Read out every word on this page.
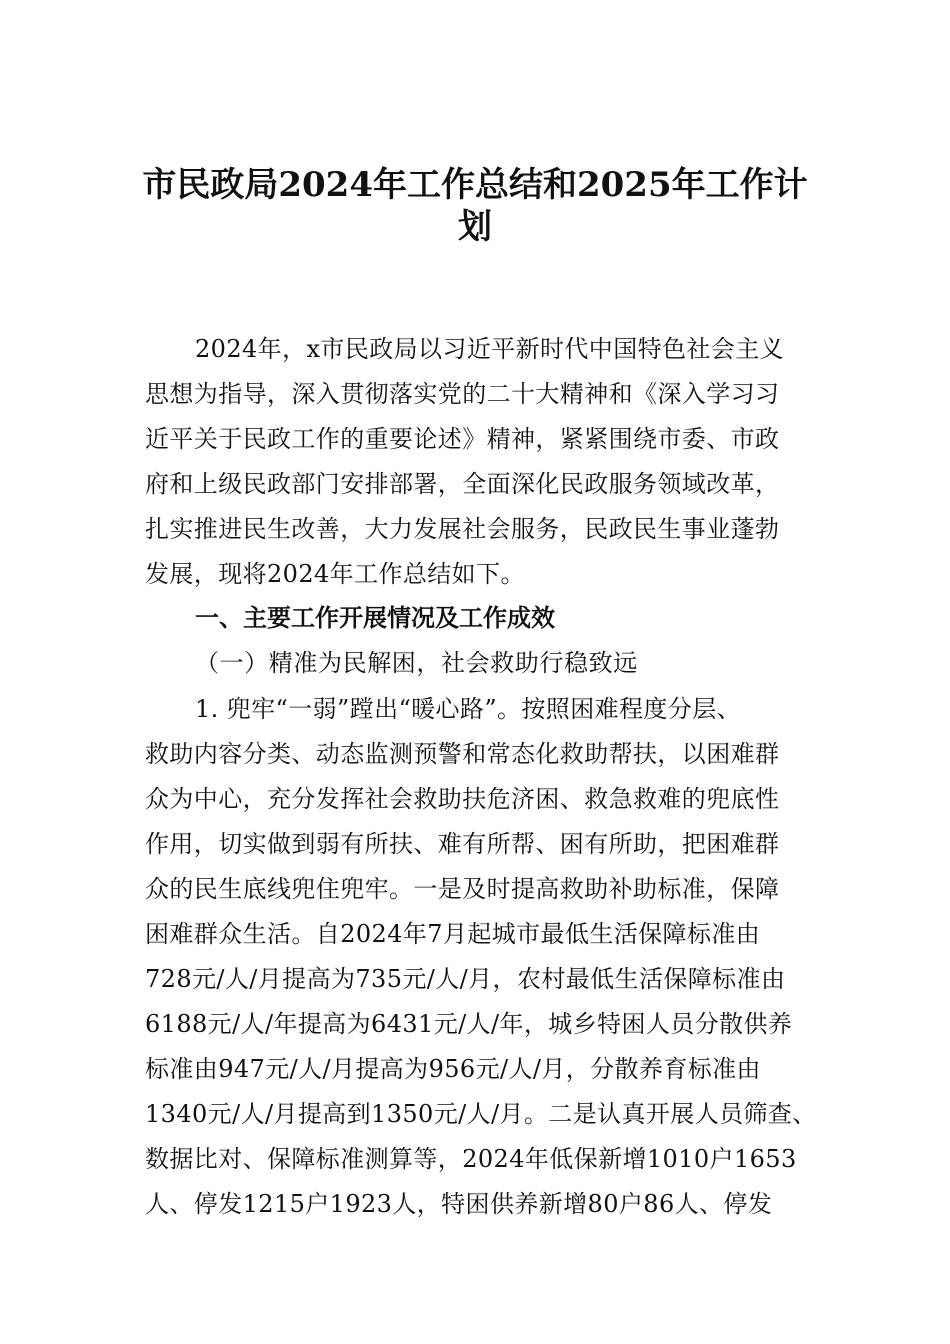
市民政局2024年工作总结和2025年工作计
划
2024年，x市民政局以习近平新时代中国特色社会主义
思想为指导，深入贯彻落实党的二十大精神和《深入学习习
近平关于民政工作的重要论述》精神，紧紧围绕市委、市政
府和上级民政部门安排部署，全面深化民政服务领域改革，
扎实推进民生改善，大力发展社会服务，民政民生事业蓬勃
发展，现将2024年工作总结如下。
一、主要工作开展情况及工作成效
（一）精准为民解困，社会救助行稳致远
1. 兜牢“一弱”蹚出“暖心路”。按照困难程度分层、
救助内容分类、动态监测预警和常态化救助帮扶，以困难群
众为中心，充分发挥社会救助扶危济困、救急救难的兜底性
作用，切实做到弱有所扶、难有所帮、困有所助，把困难群
众的民生底线兜住兜牢。一是及时提高救助补助标准，保障
困难群众生活。自2024年7月起城市最低生活保障标准由
728元/人/月提高为735元/人/月，农村最低生活保障标准由
6188元/人/年提高为6431元/人/年，城乡特困人员分散供养
标准由947元/人/月提高为956元/人/月，分散养育标准由
1340元/人/月提高到1350元/人/月。二是认真开展人员筛查、
数据比对、保障标准测算等，2024年低保新增1010户1653
人、停发1215户1923人，特困供养新增80户86人、停发
